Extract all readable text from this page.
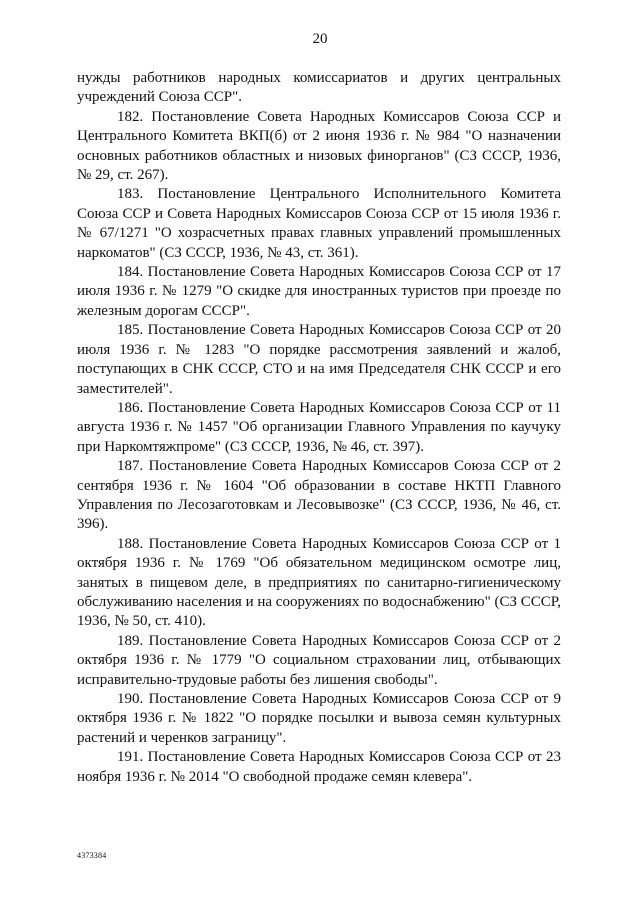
20

нужды работников народных комиссариатов и других центральных учреждений Союза ССР".

182. Постановление Совета Народных Комиссаров Союза ССР и Центрального Комитета ВКП(б) от 2 июня 1936 г. № 984 "О назначении основных работников областных и низовых финорганов" (СЗ СССР, 1936, № 29, ст. 267).

183. Постановление Центрального Исполнительного Комитета Союза ССР и Совета Народных Комиссаров Союза ССР от 15 июля 1936 г. № 67/1271 "О хозрасчетных правах главных управлений промышленных наркоматов" (СЗ СССР, 1936, № 43, ст. 361).

184. Постановление Совета Народных Комиссаров Союза ССР от 17 июля 1936 г. № 1279 "О скидке для иностранных туристов при проезде по железным дорогам СССР".

185. Постановление Совета Народных Комиссаров Союза ССР от 20 июля 1936 г. № 1283 "О порядке рассмотрения заявлений и жалоб, поступающих в СНК СССР, СТО и на имя Председателя СНК СССР и его заместителей".

186. Постановление Совета Народных Комиссаров Союза ССР от 11 августа 1936 г. № 1457 "Об организации Главного Управления по каучуку при Наркомтяжпроме" (СЗ СССР, 1936, № 46, ст. 397).

187. Постановление Совета Народных Комиссаров Союза ССР от 2 сентября 1936 г. № 1604 "Об образовании в составе НКТП Главного Управления по Лесозаготовкам и Лесовывозке" (СЗ СССР, 1936, № 46, ст. 396).

188. Постановление Совета Народных Комиссаров Союза ССР от 1 октября 1936 г. № 1769 "Об обязательном медицинском осмотре лиц, занятых в пищевом деле, в предприятиях по санитарно-гигиеническому обслуживанию населения и на сооружениях по водоснабжению" (СЗ СССР, 1936, № 50, ст. 410).

189. Постановление Совета Народных Комиссаров Союза ССР от 2 октября 1936 г. № 1779 "О социальном страховании лиц, отбывающих исправительно-трудовые работы без лишения свободы".

190. Постановление Совета Народных Комиссаров Союза ССР от 9 октября 1936 г. № 1822 "О порядке посылки и вывоза семян культурных растений и черенков заграницу".

191. Постановление Совета Народных Комиссаров Союза ССР от 23 ноября 1936 г. № 2014 "О свободной продаже семян клевера".

4373384
